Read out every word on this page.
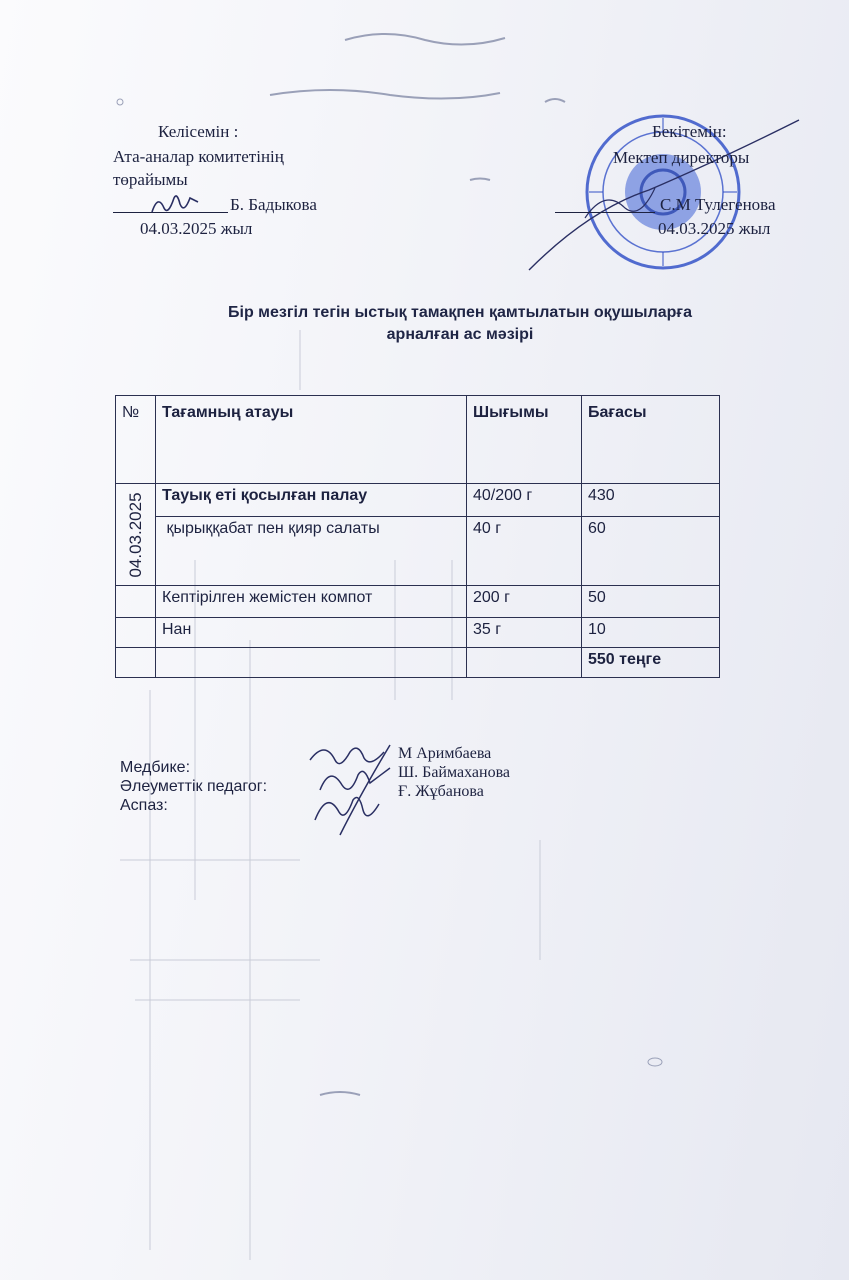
Келісемін :
Ата-аналар комитетінің
төрайымы
Б. Бадыкова
04.03.2025 жыл
Бекітемін:
Мектеп директоры
С.М Тулегенова
04.03.2025 жыл
Бір мезгіл тегін ыстық тамақпен қамтылатын оқушыларға
арналған ас мәзірі
№	Тағамның атауы	Шығымы	Бағасы

04.03.2025	Тауық еті қосылған палау	40/200 г	430
	қырыққабат пен қияр салаты	40 г	60
	Кептірілген жемістен компот	200 г	50
	Нан	35 г	10
			550 теңге
Медбике:
Әлеуметтік педагог:
Аспаз:
М Аримбаева
Ш. Баймаханова
Ғ. Жұбанова
